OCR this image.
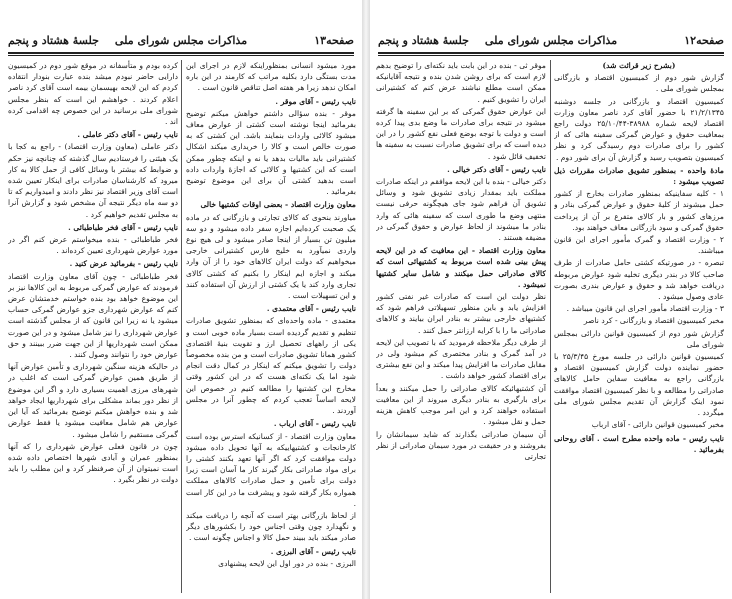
صفحه۱۳
مذاکرات مجلس شورای ملی
جلسهٔ هشتاد و پنجم

مورد میشود انسانی بمنظوراینکه لازم در اجرای این مدت بستگی دارد بکلیه مراتب که کارمند در این باره امکان ندهد زیرا هر هفته اصل تناقص قانون است .

نایب رئیس - آقای موقر .

موقر - بنده سؤالی داشتم خواهش میکنم توضیح بفرمائید اینجا نوشته است کشتی از عوارض معاف میشود کالائی واردات بنمایند باشد. این کشتی که به صورت خالص است و کالا را خریداری میکند اشکال کشتیرانی باید مالیات بدهد یا نه و اینکه چطور ممکن است که این کشتیها و کالائی که اجازهٔ واردات داده است بدهید کشتی آن برای این موضوع توضیح بفرمائید .

معاون وزارت اقتصاد - بعضی اوقات کشتیها خالی

میاورند بنحوی که کالای تجارتی و بازرگانی که در ماده یک صحبت کرده‌ایم اجازه سفر داده میشود و دو سه میلیون تن بسیار از اینجا صادر میشود و لی هیچ نوع واردی نمیآورد به خلیج فارس کشتیرانی خارجی میخواهیم که دولت ایران کالاهای خود را از آن وارد میکند و اجازه ایم اینکار را بکنیم که کشتی کالای تجاری وارد کند یا یک کشتی از ارزش آن استفاده کنند و این تسهیلات است .

نایب رئیس - آقای معتمدی .

معتمدی - ماده واحده‌ای که بمنظور تشویق صادرات تنظیم و تقدیم گردیده است بسیار ماده خوبی است و یکی از راههای تحصیل ارز و تقویت بنیهٔ اقتصادی کشور همانا تشویق صادرات است و من بنده مخصوصاً دولت را تشویق میکنم که اینکار در کمال دقت انجام شود اما یک نکته‌ای هست که در این کشور وقتی مخارج این کشتیها را مطالعه کنیم در خصوص این لایحه اساساً تعجب کردم که چطور آنرا در مجلس آوردند .

نایب رئیس - آقای ارباب .

معاون وزارت اقتصاد - از کسانیکه استرس بوده است کارخانجات و کشتیهاییکه به آنها تحویل داده میشود دولت موافقت کرد که اگر آنها تعهد بکنند کشتی را برای مواد صادراتی بکار گیرند کار ما آسان است زیرا دولت برای تأمین و حمل صادرات کالاهای مملکت همواره بکار گرفته شود و پیشرفت ما در این کار است .

از لحاظ بازرگانی بهتر است که آنچه را دریافت میکند و نگهدارد چون وقتی اجناس خود را بکشورهای دیگر صادر میکند باید ببیند حمل کالا و اجناس چگونه است .

نایب رئیس - آقای البرزی .

البرزی - بنده در دور اول این لایحه پیشنهادی

کرده بودم و متأسفانه در موقع شور دوم در کمیسیون دارایی حاضر نبودم میشد بنده عبارت بنودار انتقاده کردم که این لایحه بهیسمان بیمه است آقای کرد ناصر اعلام کردند . خواهشم این است که بنظر مجلس شورای ملی برسانید در این خصوص چه اقدامی کرده اند .

نایب رئیس - آقای دکتر عاملی .

دکتر عاملی (معاون وزارت اقتصاد) - راجع به کجا با یک هیئتی را فرستادیم سال گذشته که چنانچه نیز حکم و ضوابط که بیشتر با وسائل کافی از حمل کالا به کار میرود که کارشناسان صادرات برای اینکار تعیین شده است آقای وزیر اقتصاد نیز نظر دادند و امیدواریم که تا دو سه ماه دیگر نتیجه آن مشخص شود و گزارش آنرا به مجلس تقدیم خواهیم کرد .

نایب رئیس - آقای فخر طباطبائی .

فخر طباطبائی - بنده میخواستم عرض کنم اگر در مورد عوارض شهرداری تعیین کرده‌اند .

نایب رئیس - بفرمائید عرض کنید .

فخر طباطبائی - چون آقای معاون وزارت اقتصاد فرمودند که عوارض گمرکی مربوط به این کالاها نیز بر این موضوع خواهد بود بنده خواستم خدمتشان عرض کنم که عوارض شهرداری جزو عوارض گمرکی حساب میشود یا نه زیرا این قانون که از مجلس گذشته است عوارض شهرداری را نیز شامل میشود و در این صورت ممکن است شهرداریها از این جهت ضرر ببینند و حق عوارض خود را نتوانند وصول کنند .

در حالیکه هزینه سنگین شهرداری و تأمین عوارض آنها از طریق همین عوارض گمرکی است که اغلب در شهرهای مرزی اهمیت بسیاری دارد و اگر این موضوع از نظر دور بماند مشکلی برای شهرداریها ایجاد خواهد شد و بنده خواهش میکنم توضیح بفرمائید که آیا این عوارض هم شامل معافیت میشود یا فقط عوارض گمرکی مستقیم را شامل میشود .

چون در قانون فعلی عوارض شهرداری را که آنها بمنظور عمران و آبادی شهرها اختصاص داده شده است نمیتوان از آن صرفنظر کرد و این مطلب را باید دولت در نظر بگیرد .

صفحه۱۲
مذاکرات مجلس شورای ملی
جلسهٔ هشتاد و پنجم

(بشرح زیر قرائت شد)

گزارش شور دوم از کمیسیون اقتصاد و بازرگانی بمجلس شورای ملی .

کمیسیون اقتصاد و بازرگانی در جلسه دوشنبه ۲۱/۲/۱۳۴۵ با حضور آقای کرد ناصر معاون وزارت اقتصاد لایحه شماره ۳۸۹۸۸-۲۵/۱۰/۴۴ دولت راجع بمعافیت حقوق و عوارض گمرکی سفینه هائی که از کشور را برای صادرات دوم رسیدگی کرد و نظر کمیسیون بتصویب رسید و گزارش آن برای شور دوم .

مادهٔ واحده - بمنظور تشویق صادرات مقررات ذیل تصویب میشود :

۱ - کلیه سفاینیکه بمنظور صادرات بخارج از کشور حمل میشوند از کلیهٔ حقوق و عوارض گمرکی بنادر و مرزهای کشور و بار کالای متفرع بر آن از پرداخت حقوق گمرکی و سود بازرگانی معاف خواهند بود.

۲ - وزارت اقتصاد و گمرک مأمور اجرای این قانون میباشند.

تبصره - در صورتیکه کشتی حامل صادرات از طرف صاحب کالا در بندر دیگری تخلیه شود عوارض مربوطه دریافت خواهد شد و حقوق و عوارض بندری بصورت عادی وصول میشود .

۳ - وزارت اقتصاد مأمور اجرای این قانون میباشد .

مخبر کمیسیون اقتصاد و بازرگانی - کرد ناصر

گزارش شور دوم از کمیسیون قوانین دارائی بمجلس شورای ملی

کمیسیون قوانین دارائی در جلسه مورخ ۲۵/۳/۴۵ با حضور نماینده دولت گزارش کمیسیون اقتصاد و بازرگانی راجع به معافیت سفاین حامل کالاهای صادراتی را مطالعه و با نظر کمیسیون اقتصاد موافقت نمود اینک گزارش آن تقدیم مجلس شورای ملی میگردد .

مخبر کمیسیون قوانین دارائی - آقای ارباب

نایب رئیس - ماده واحده مطرح است . آقای روحانی بفرمائید .

موقر ثی - بنده در این بابت باید نکته‌ای را توضیح بدهم لازم است که برای روشن شدن بنده و نتیجه آقایانیکه ممکن است مطلع نباشند عرض کنم که کشتیرانی ایران را تشویق کنیم .

این عوارض حقوق گمرکی که بر این سفینه ها گرفته میشود در نتیجه برای صادرات ما وضع بدی پیدا کرده است و دولت با توجه بوضع فعلی نفع کشور را در این دیده است که برای تشویق صادرات نسبت به سفینه ها تخفیف قائل شود .

نایب رئیس - آقای دکتر خیالی .

دکتر خیالی - بنده با این لایحه موافقم در اینکه صادرات مملکت باید بمقدار زیادی تشویق شود و وسائل تشویق آن فراهم شود جای هیچگونه حرفی نیست منتهی وضع ما طوری است که سفینه هائی که وارد بنادر ما میشوند از لحاظ عوارض و حقوق گمرکی در مضیقه هستند .

معاون وزارت اقتصاد - این معافیت که در این لایحه پیش بینی شده است مربوط به کشتیهائی است که کالای صادراتی حمل میکنند و شامل سایر کشتیها نمیشود .

نظر دولت این است که صادرات غیر نفتی کشور افزایش یابد و باین منظور تسهیلاتی فراهم شود که کشتیهای خارجی بیشتر به بنادر ایران بیایند و کالاهای صادراتی ما را با کرایه ارزانتر حمل کنند .

از طرف دیگر ملاحظه فرمودید که با تصویب این لایحه در آمد گمرک و بنادر مختصری کم میشود ولی در مقابل صادرات ما افزایش پیدا میکند و این نفع بیشتری برای اقتصاد کشور خواهد داشت .

آن کشتیهائیکه کالای صادراتی را حمل میکنند و بعداً برای بارگیری به بنادر دیگری میروند از این معافیت استفاده خواهند کرد و این امر موجب کاهش هزینه حمل و نقل میشود .

آن سیمان صادراتی بگذارند که شاید سیمانشان را بفروشند و در حقیقت در مورد سیمان صادراتی از نظر تجارتی
